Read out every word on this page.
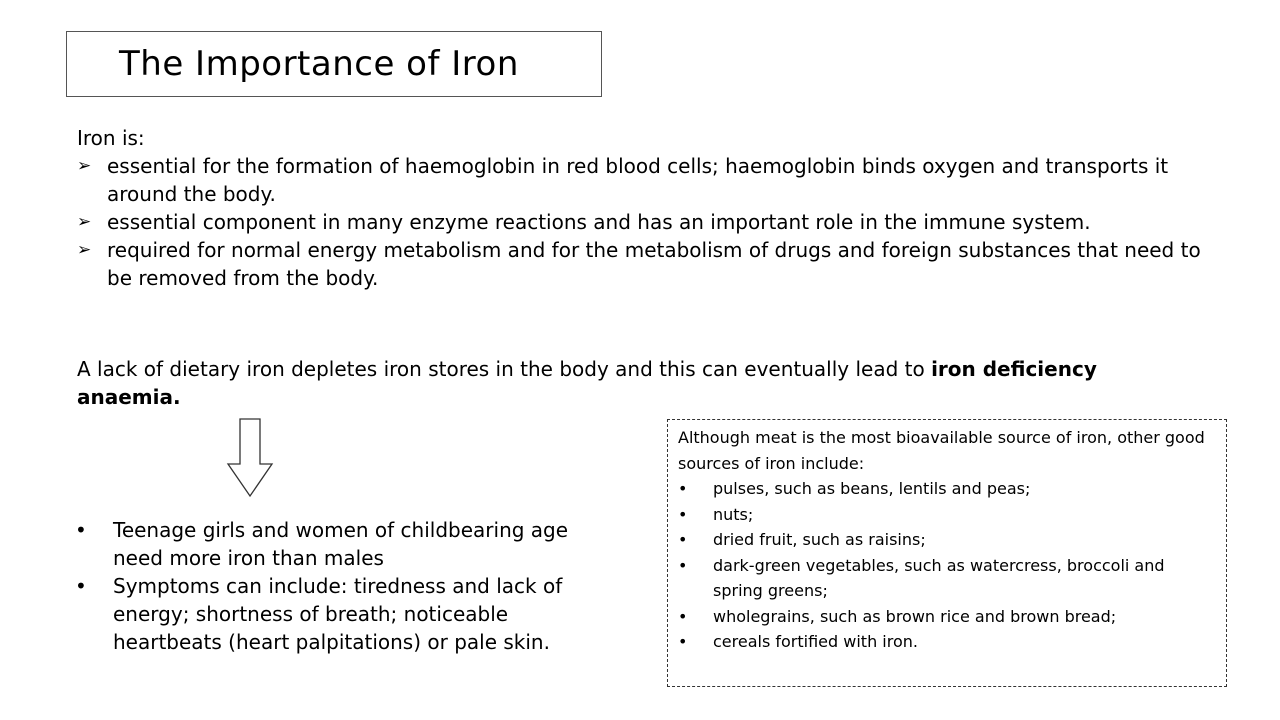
The Importance of Iron

Iron is:

➢ essential for the formation of haemoglobin in red blood cells; haemoglobin binds oxygen and transports it around the body.
➢ essential component in many enzyme reactions and has an important role in the immune system.
➢ required for normal energy metabolism and for the metabolism of drugs and foreign substances that need to be removed from the body.
A lack of dietary iron depletes iron stores in the body and this can eventually lead to iron deficiency anaemia.
• Teenage girls and women of childbearing age need more iron than males
• Symptoms can include: tiredness and lack of energy; shortness of breath; noticeable heartbeats (heart palpitations) or pale skin.

Although meat is the most bioavailable source of iron, other good sources of iron include:

• pulses, such as beans, lentils and peas;
• nuts;
• dried fruit, such as raisins;
• dark-green vegetables, such as watercress, broccoli and spring greens;
• wholegrains, such as brown rice and brown bread;
• cereals fortified with iron.
